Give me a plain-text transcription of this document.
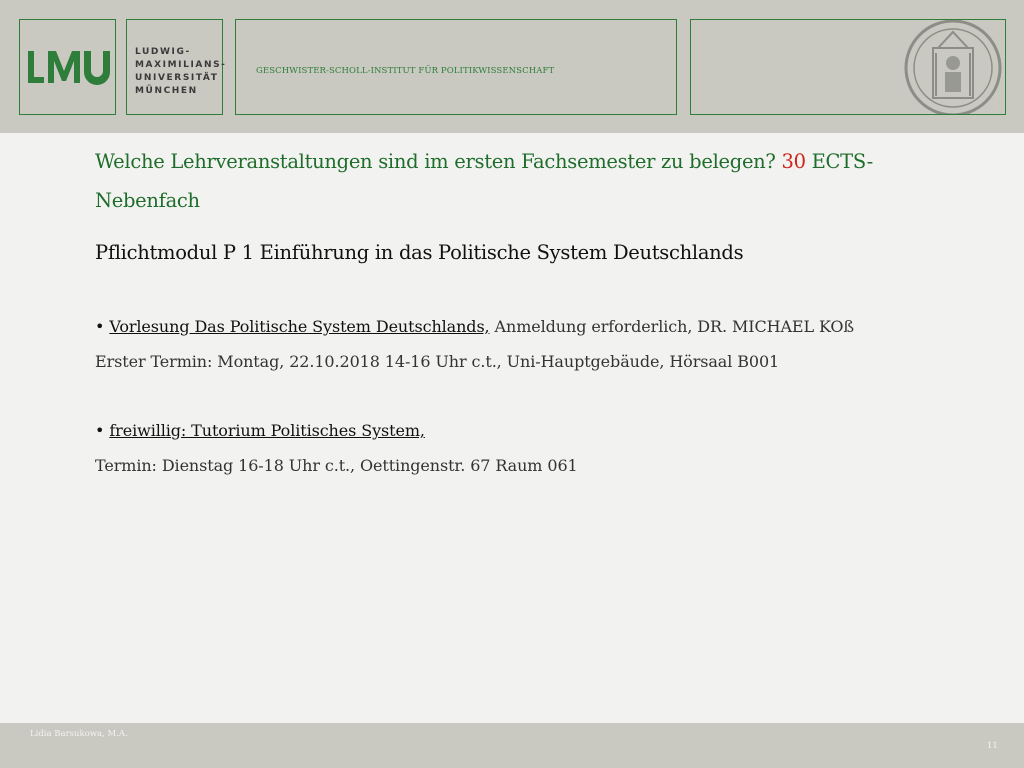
LUDWIG-
MAXIMILIANS-
UNIVERSITÄT
MÜNCHEN
GESCHWISTER-SCHOLL-INSTITUT FÜR POLITIKWISSENSCHAFT

Welche Lehrveranstaltungen sind im ersten Fachsemester zu belegen? 30 ECTS-Nebenfach

Pflichtmodul P 1 Einführung in das Politische System Deutschlands

• Vorlesung Das Politische System Deutschlands, Anmeldung erforderlich, DR. MICHAEL KOß
Erster Termin: Montag, 22.10.2018 14-16 Uhr c.t., Uni-Hauptgebäude, Hörsaal B001
• freiwillig: Tutorium Politisches System,
Termin: Dienstag 16-18 Uhr c.t., Oettingenstr. 67 Raum 061
Lidia Barsukowa, M.A.
11
